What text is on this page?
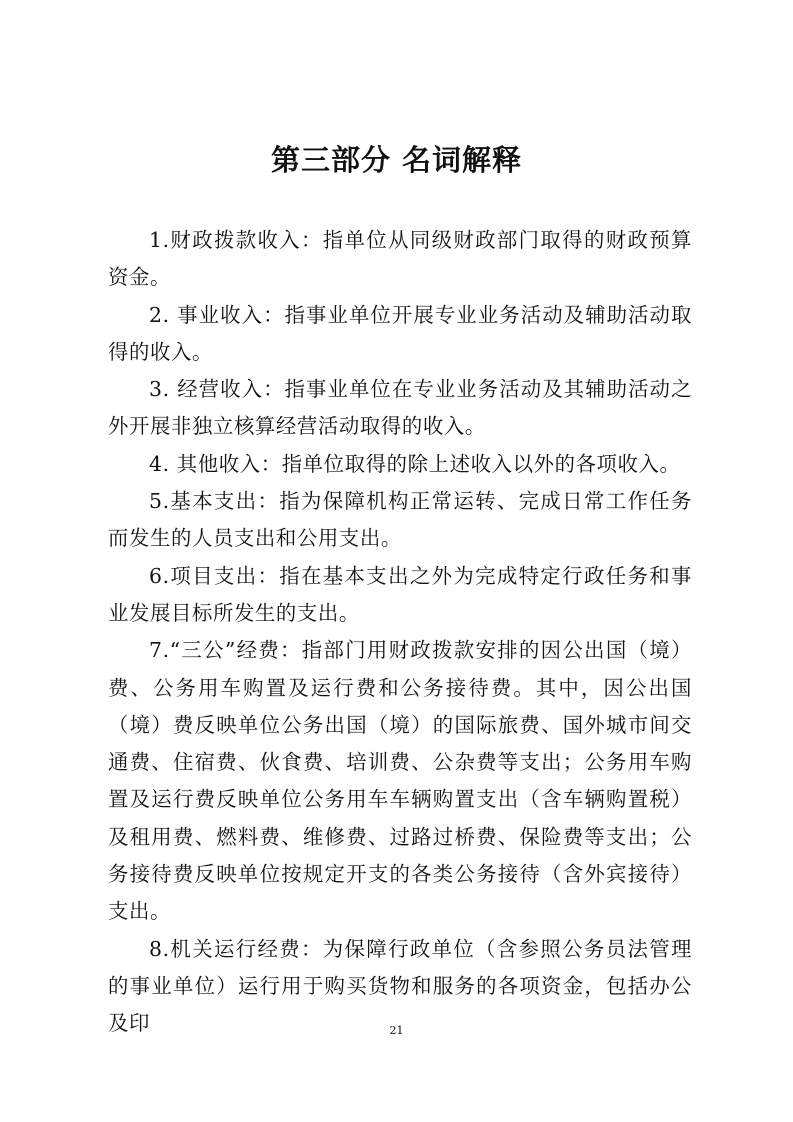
第三部分 名词解释

1.财政拨款收入：指单位从同级财政部门取得的财政预算资金。

2. 事业收入：指事业单位开展专业业务活动及辅助活动取得的收入。

3. 经营收入：指事业单位在专业业务活动及其辅助活动之外开展非独立核算经营活动取得的收入。

4. 其他收入：指单位取得的除上述收入以外的各项收入。

5.基本支出：指为保障机构正常运转、完成日常工作任务而发生的人员支出和公用支出。

6.项目支出：指在基本支出之外为完成特定行政任务和事业发展目标所发生的支出。

7.“三公”经费：指部门用财政拨款安排的因公出国（境）费、公务用车购置及运行费和公务接待费。其中，因公出国（境）费反映单位公务出国（境）的国际旅费、国外城市间交通费、住宿费、伙食费、培训费、公杂费等支出；公务用车购置及运行费反映单位公务用车车辆购置支出（含车辆购置税）及租用费、燃料费、维修费、过路过桥费、保险费等支出；公务接待费反映单位按规定开支的各类公务接待（含外宾接待）支出。

8.机关运行经费：为保障行政单位（含参照公务员法管理的事业单位）运行用于购买货物和服务的各项资金，包括办公及印	21
